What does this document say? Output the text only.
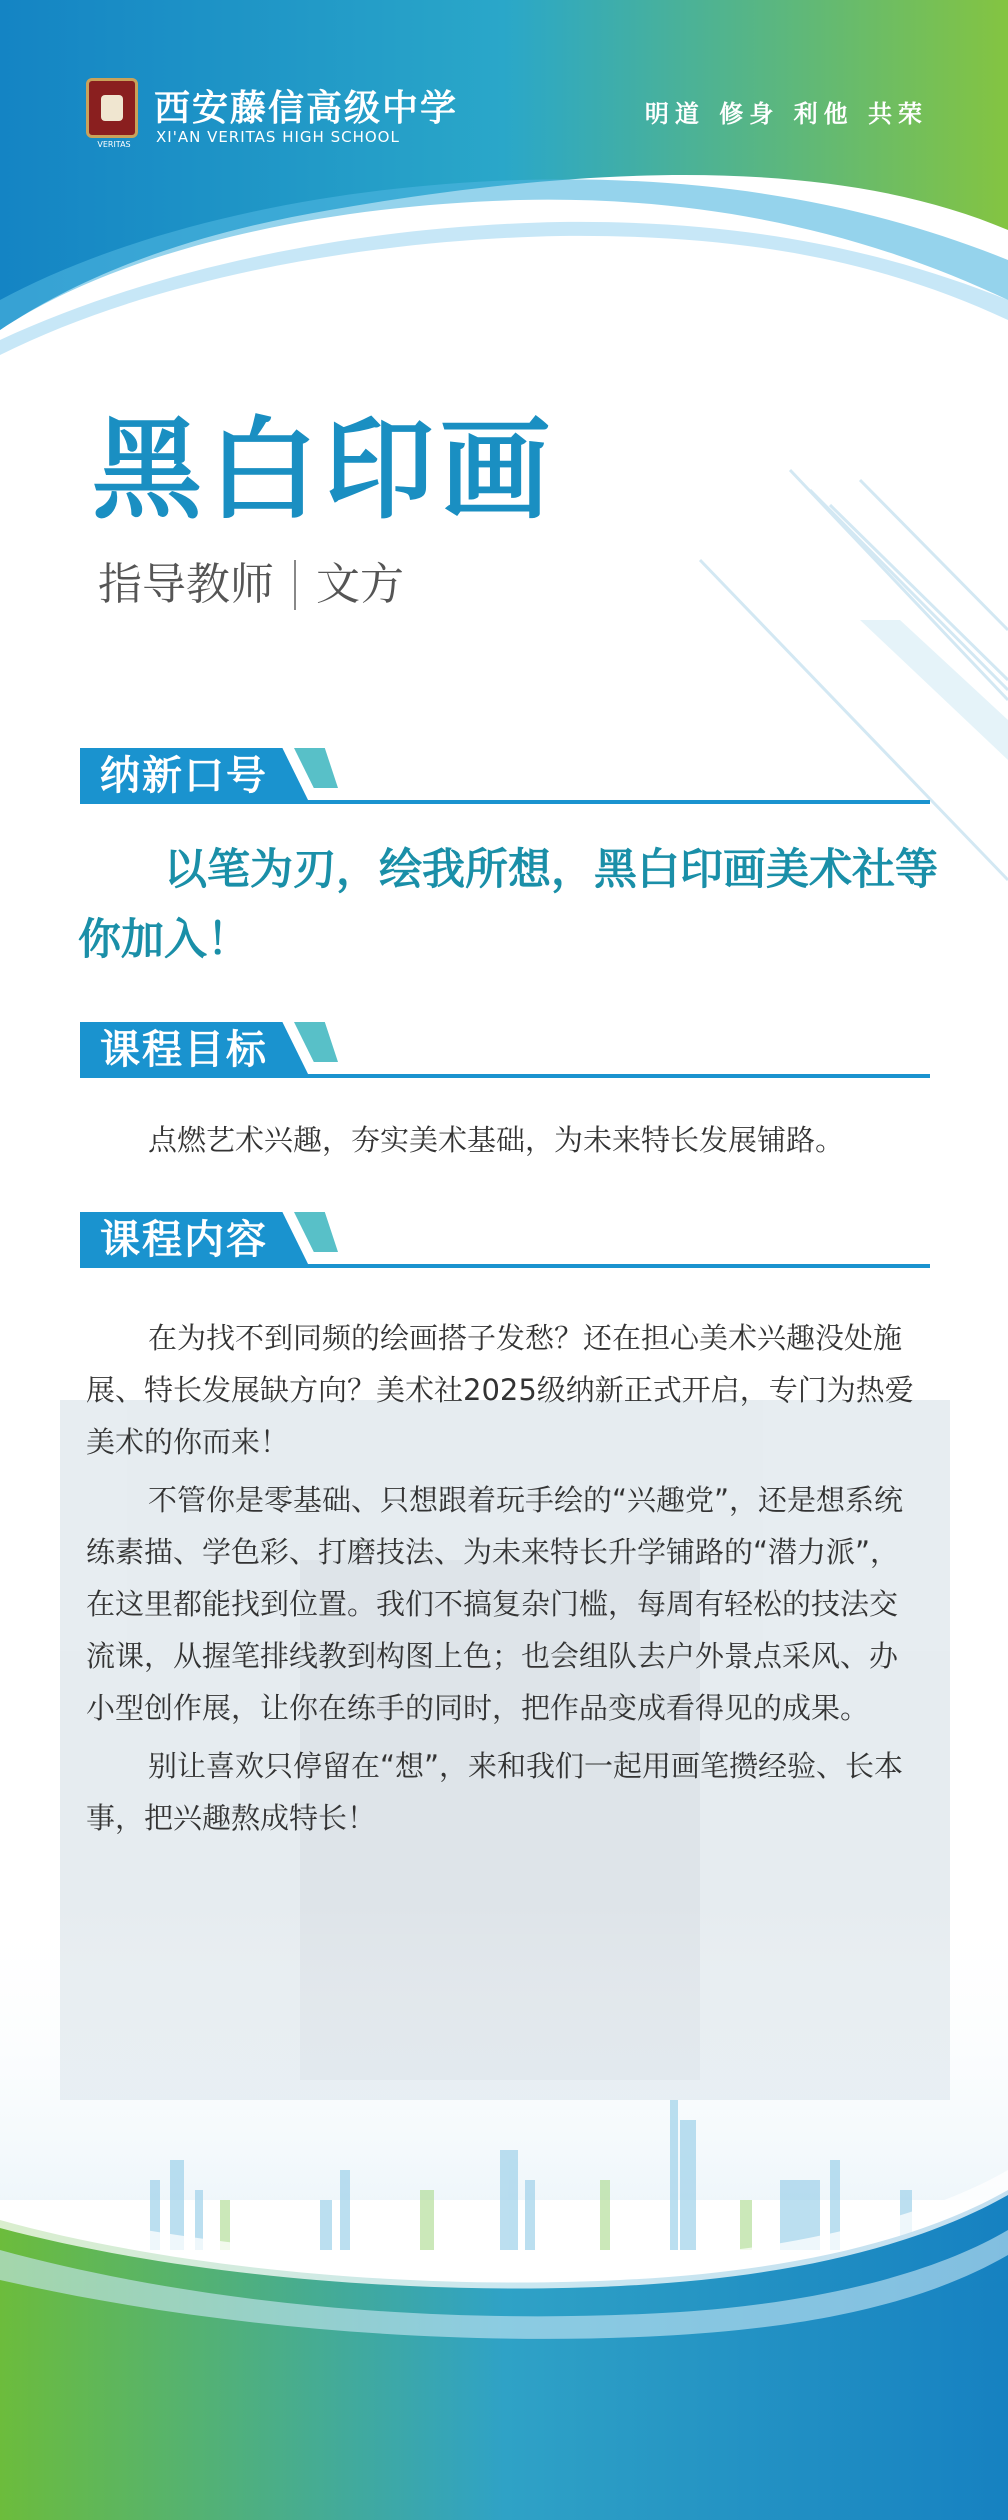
VERITAS
西安藤信高级中学
XI'AN VERITAS HIGH SCHOOL
明道 修身 利他 共荣
黑白印画
指导教师 文方
纳新口号
以笔为刃，绘我所想，黑白印画美术社等你加入！
课程目标
点燃艺术兴趣，夯实美术基础，为未来特长发展铺路。
课程内容

在为找不到同频的绘画搭子发愁？还在担心美术兴趣没处施展、特长发展缺方向？美术社2025级纳新正式开启，专门为热爱美术的你而来！

不管你是零基础、只想跟着玩手绘的“兴趣党”，还是想系统练素描、学色彩、打磨技法、为未来特长升学铺路的“潜力派”，在这里都能找到位置。我们不搞复杂门槛，每周有轻松的技法交流课，从握笔排线教到构图上色；也会组队去户外景点采风、办小型创作展，让你在练手的同时，把作品变成看得见的成果。

别让喜欢只停留在“想”，来和我们一起用画笔攒经验、长本事，把兴趣熬成特长！
